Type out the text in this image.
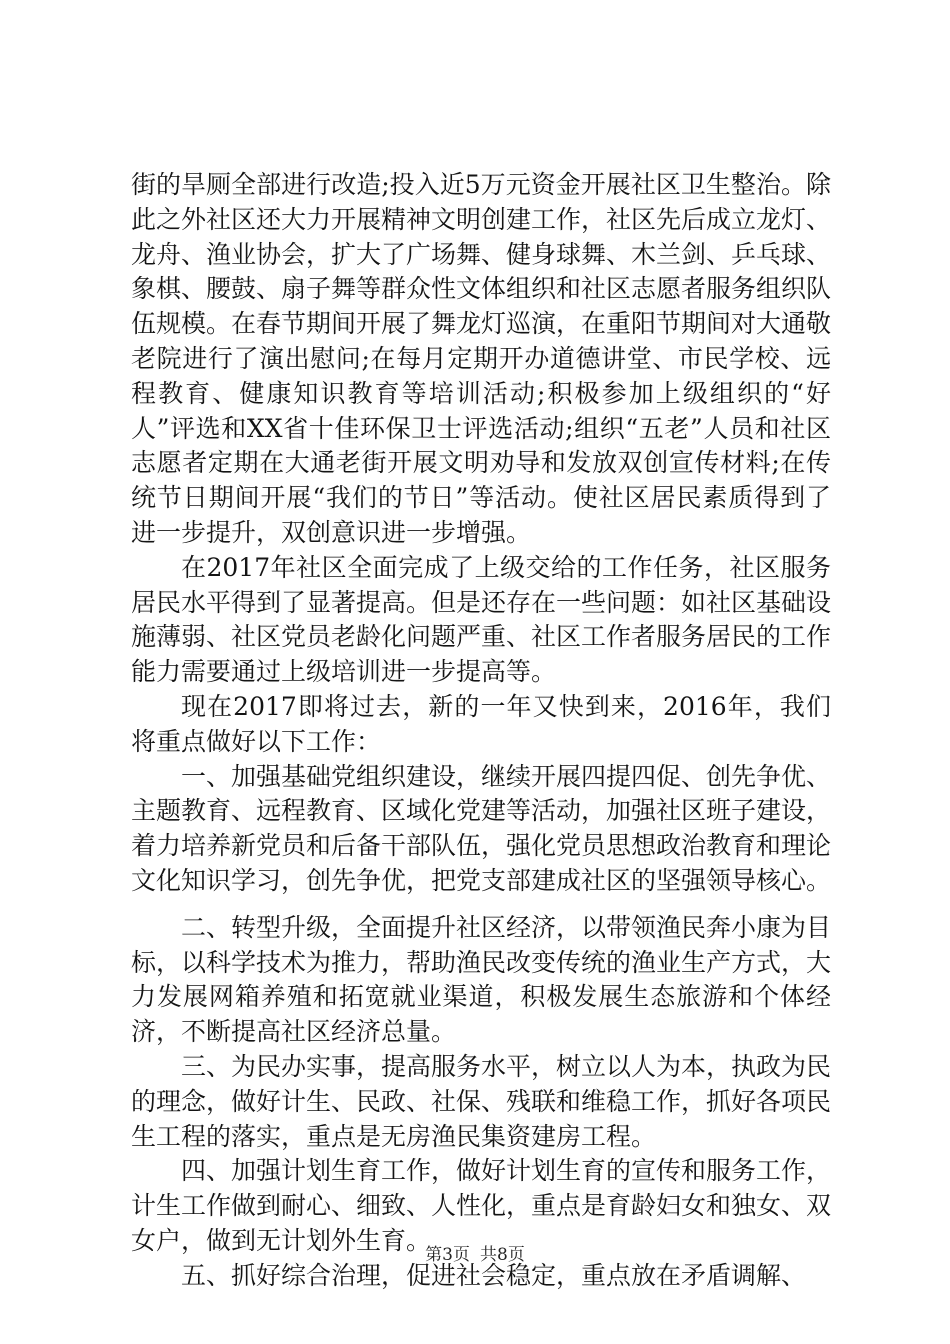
街的旱厕全部进行改造;投入近5万元资金开展社区卫生整治。除此之外社区还大力开展精神文明创建工作，社区先后成立龙灯、龙舟、渔业协会，扩大了广场舞、健身球舞、木兰剑、乒乓球、象棋、腰鼓、扇子舞等群众性文体组织和社区志愿者服务组织队伍规模。在春节期间开展了舞龙灯巡演，在重阳节期间对大通敬老院进行了演出慰问;在每月定期开办道德讲堂、市民学校、远程教育、健康知识教育等培训活动;积极参加上级组织的“好人”评选和XX省十佳环保卫士评选活动;组织“五老”人员和社区志愿者定期在大通老街开展文明劝导和发放双创宣传材料;在传统节日期间开展“我们的节日”等活动。使社区居民素质得到了进一步提升，双创意识进一步增强。

在2017年社区全面完成了上级交给的工作任务，社区服务居民水平得到了显著提高。但是还存在一些问题：如社区基础设施薄弱、社区党员老龄化问题严重、社区工作者服务居民的工作能力需要通过上级培训进一步提高等。

现在2017即将过去，新的一年又快到来，2016年，我们将重点做好以下工作：

一、加强基础党组织建设，继续开展四提四促、创先争优、主题教育、远程教育、区域化党建等活动，加强社区班子建设，着力培养新党员和后备干部队伍，强化党员思想政治教育和理论文化知识学习，创先争优，把党支部建成社区的坚强领导核心。

二、转型升级，全面提升社区经济，以带领渔民奔小康为目标，以科学技术为推力，帮助渔民改变传统的渔业生产方式，大力发展网箱养殖和拓宽就业渠道，积极发展生态旅游和个体经济，不断提高社区经济总量。

三、为民办实事，提高服务水平，树立以人为本，执政为民的理念，做好计生、民政、社保、残联和维稳工作，抓好各项民生工程的落实，重点是无房渔民集资建房工程。

四、加强计划生育工作，做好计划生育的宣传和服务工作，计生工作做到耐心、细致、人性化，重点是育龄妇女和独女、双女户，做到无计划外生育。

五、抓好综合治理，促进社会稳定，重点放在矛盾调解、

第3页 共8页
